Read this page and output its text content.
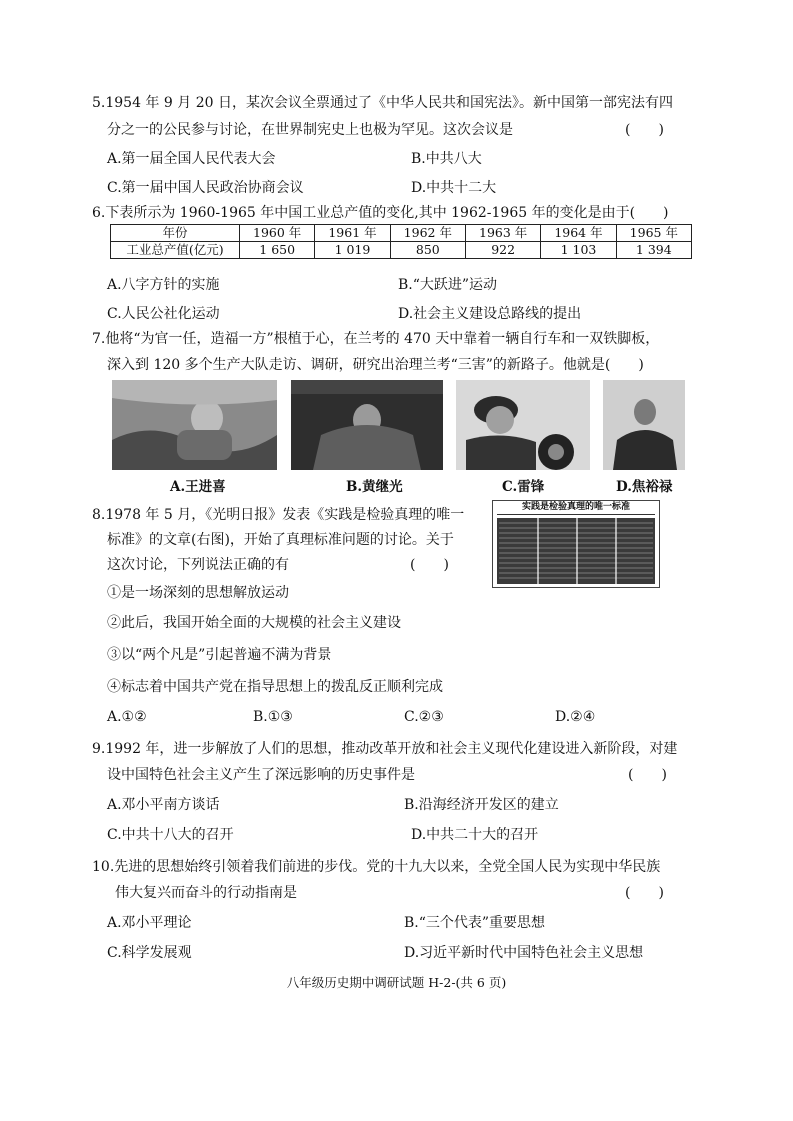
5.1954 年 9 月 20 日，某次会议全票通过了《中华人民共和国宪法》。新中国第一部宪法有四
分之一的公民参与讨论，在世界制宪史上也极为罕见。这次会议是	(　　)
A.第一届全国人民代表大会	B.中共八大
C.第一届中国人民政治协商会议	D.中共十二大
6.下表所示为 1960-1965 年中国工业总产值的变化,其中 1962-1965 年的变化是由于(　　)
年份	1960 年	1961 年	1962 年	1963 年	1964 年	1965 年
工业总产值(亿元)	1 650	1 019	850	922	1 103	1 394
A.八字方针的实施	B.“大跃进”运动
C.人民公社化运动	D.社会主义建设总路线的提出
7.他将“为官一任，造福一方”根植于心，在兰考的 470 天中靠着一辆自行车和一双铁脚板，
深入到 120 多个生产大队走访、调研，研究出治理兰考“三害”的新路子。他就是(　　)
A.王进喜	B.黄继光	C.雷锋	D.焦裕禄
8.1978 年 5 月，《光明日报》发表《实践是检验真理的唯一
标准》的文章(右图)，开始了真理标准问题的讨论。关于
这次讨论，下列说法正确的有	(　　)
实践是检验真理的唯一标准
①是一场深刻的思想解放运动
②此后，我国开始全面的大规模的社会主义建设
③以“两个凡是”引起普遍不满为背景
④标志着中国共产党在指导思想上的拨乱反正顺利完成
A.①②	B.①③	C.②③	D.②④
9.1992 年，进一步解放了人们的思想，推动改革开放和社会主义现代化建设进入新阶段，对建
设中国特色社会主义产生了深远影响的历史事件是	(　　)
A.邓小平南方谈话	B.沿海经济开发区的建立
C.中共十八大的召开	D.中共二十大的召开
10.先进的思想始终引领着我们前进的步伐。党的十九大以来，全党全国人民为实现中华民族
伟大复兴而奋斗的行动指南是	(　　)
A.邓小平理论	B.“三个代表”重要思想
C.科学发展观	D.习近平新时代中国特色社会主义思想
八年级历史期中调研试题 H-2-(共 6 页)
